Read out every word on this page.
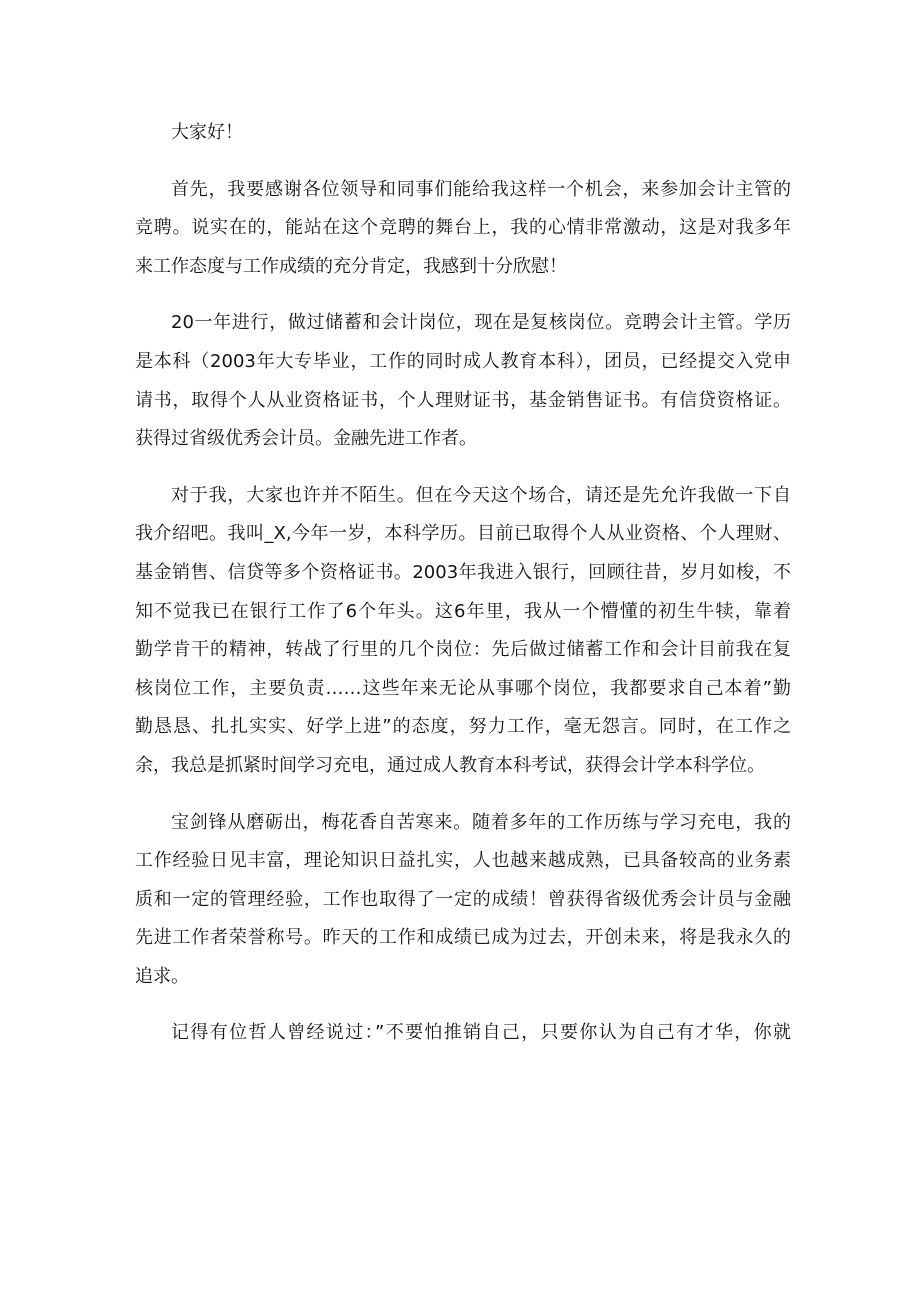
大家好！
首先，我要感谢各位领导和同事们能给我这样一个机会，来参加会计主管的
竞聘。说实在的，能站在这个竞聘的舞台上，我的心情非常激动，这是对我多年
来工作态度与工作成绩的充分肯定，我感到十分欣慰！
20一年进行，做过储蓄和会计岗位，现在是复核岗位。竞聘会计主管。学历
是本科（2003年大专毕业，工作的同时成人教育本科），团员，已经提交入党申
请书，取得个人从业资格证书，个人理财证书，基金销售证书。有信贷资格证。
获得过省级优秀会计员。金融先进工作者。
对于我，大家也许并不陌生。但在今天这个场合，请还是先允许我做一下自
我介绍吧。我叫_X,今年一岁，本科学历。目前已取得个人从业资格、个人理财、
基金销售、信贷等多个资格证书。2003年我进入银行，回顾往昔，岁月如梭，不
知不觉我已在银行工作了6个年头。这6年里，我从一个懵懂的初生牛犊，靠着
勤学肯干的精神，转战了行里的几个岗位：先后做过储蓄工作和会计目前我在复
核岗位工作，主要负责……这些年来无论从事哪个岗位，我都要求自己本着”勤
勤恳恳、扎扎实实、好学上进”的态度，努力工作，毫无怨言。同时，在工作之
余，我总是抓紧时间学习充电，通过成人教育本科考试，获得会计学本科学位。
宝剑锋从磨砺出，梅花香自苦寒来。随着多年的工作历练与学习充电，我的
工作经验日见丰富，理论知识日益扎实，人也越来越成熟，已具备较高的业务素
质和一定的管理经验，工作也取得了一定的成绩！曾获得省级优秀会计员与金融
先进工作者荣誉称号。昨天的工作和成绩已成为过去，开创未来，将是我永久的
追求。
记得有位哲人曾经说过：”不要怕推销自己，只要你认为自己有才华，你就
